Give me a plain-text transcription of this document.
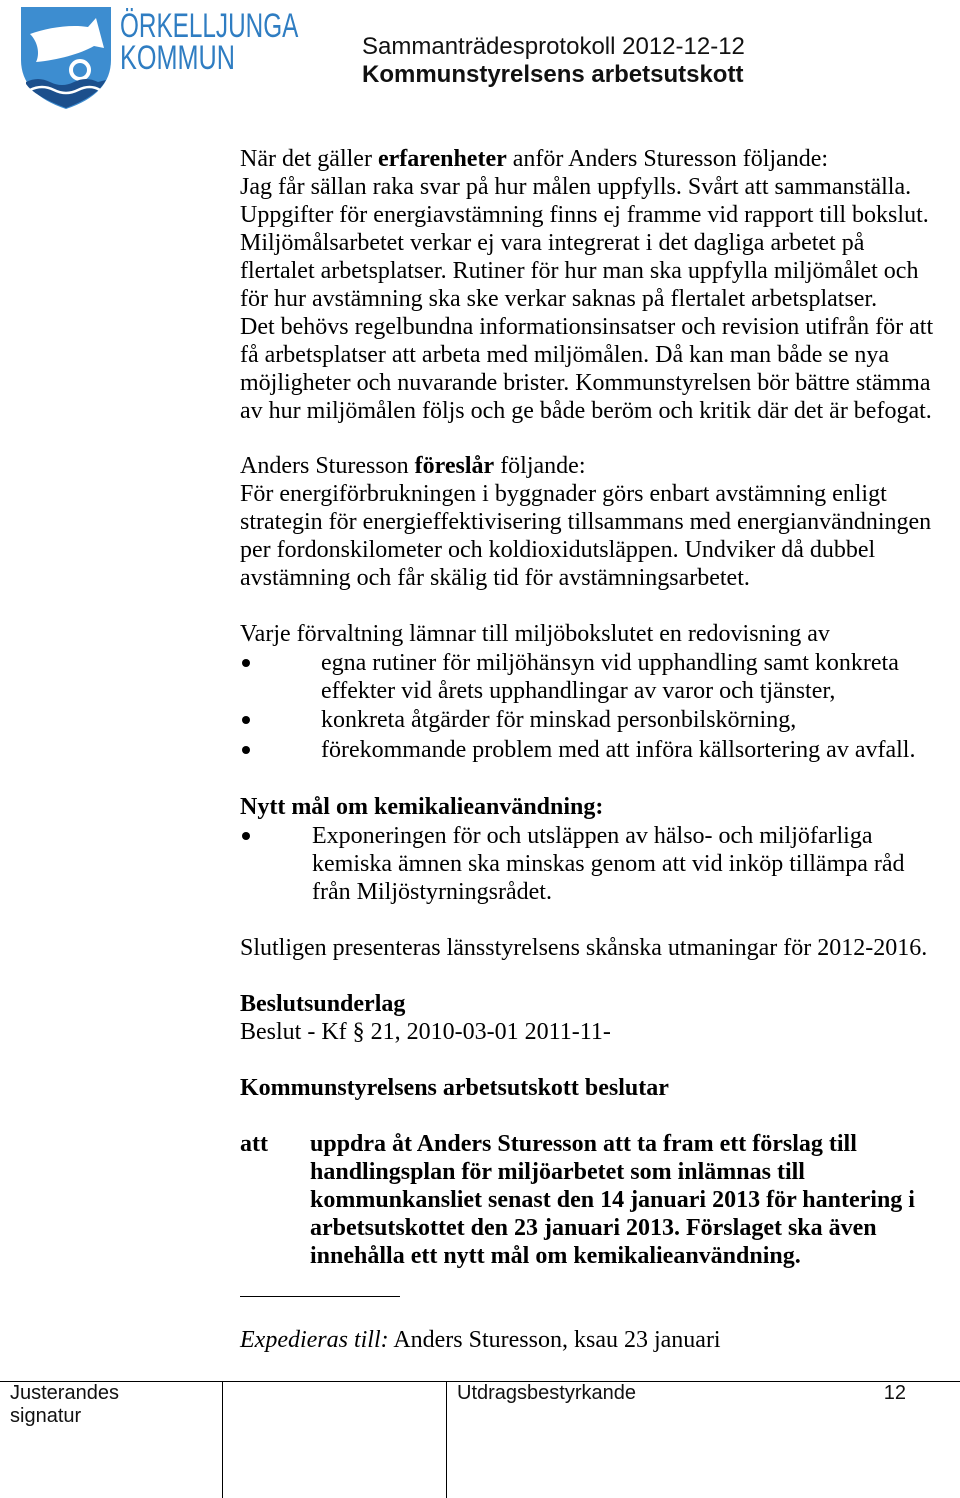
ÖRKELLJUNGA
KOMMUN	Sammanträdesprotokoll 2012-12-12
Kommunstyrelsens arbetsutskott
När det gäller erfarenheter anför Anders Sturesson följande:
Jag får sällan raka svar på hur målen uppfylls. Svårt att sammanställa.
Uppgifter för energiavstämning finns ej framme vid rapport till bokslut.
Miljömålsarbetet verkar ej vara integrerat i det dagliga arbetet på
flertalet arbetsplatser. Rutiner för hur man ska uppfylla miljömålet och
för hur avstämning ska ske verkar saknas på flertalet arbetsplatser.
Det behövs regelbundna informationsinsatser och revision utifrån för att
få arbetsplatser att arbeta med miljömålen. Då kan man både se nya
möjligheter och nuvarande brister. Kommunstyrelsen bör bättre stämma
av hur miljömålen följs och ge både beröm och kritik där det är befogat.
Anders Sturesson föreslår följande:
För energiförbrukningen i byggnader görs enbart avstämning enligt
strategin för energieffektivisering tillsammans med energianvändningen
per fordonskilometer och koldioxidutsläppen. Undviker då dubbel
avstämning och får skälig tid för avstämningsarbetet.
Varje förvaltning lämnar till miljöbokslutet en redovisning av
egna rutiner för miljöhänsyn vid upphandling samt konkreta
effekter vid årets upphandlingar av varor och tjänster,
konkreta åtgärder för minskad personbilskörning,
förekommande problem med att införa källsortering av avfall.
Nytt mål om kemikalieanvändning:
Exponeringen för och utsläppen av hälso- och miljöfarliga
kemiska ämnen ska minskas genom att vid inköp tillämpa råd
från Miljöstyrningsrådet.
Slutligen presenteras länsstyrelsens skånska utmaningar för 2012-2016.
Beslutsunderlag
Beslut - Kf § 21, 2010-03-01 2011-11-
Kommunstyrelsens arbetsutskott beslutar
att uppdra åt Anders Sturesson att ta fram ett förslag till
handlingsplan för miljöarbetet som inlämnas till
kommunkansliet senast den 14 januari 2013 för hantering i
arbetsutskottet den 23 januari 2013. Förslaget ska även
innehålla ett nytt mål om kemikalieanvändning.
Expedieras till: Anders Sturesson, ksau 23 januari
Justerandes
signatur
Utdragsbestyrkande	12
